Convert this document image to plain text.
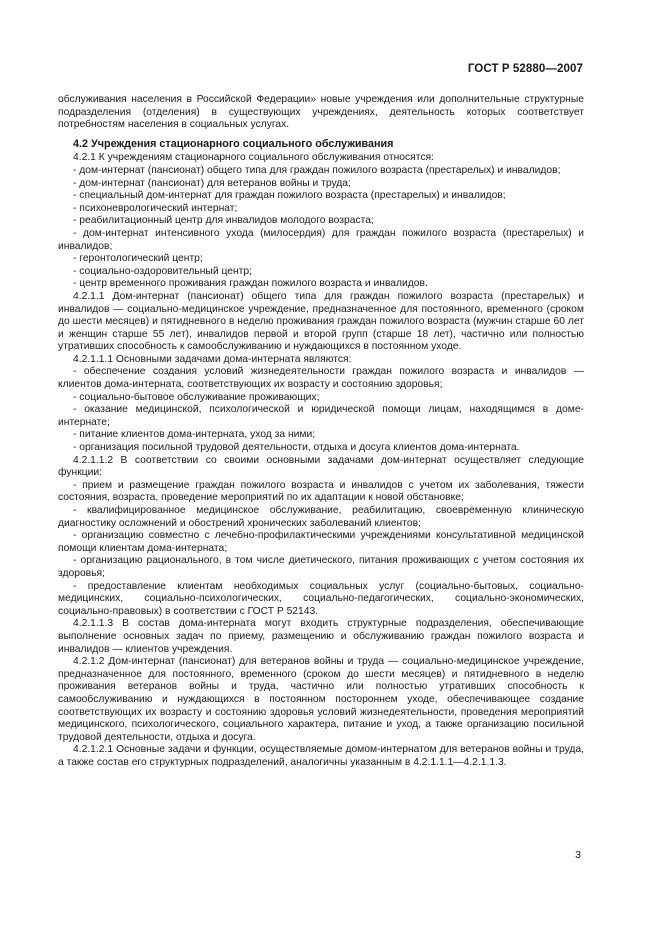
ГОСТ Р 52880—2007

обслуживания населения в Российской Федерации» новые учреждения или дополнительные структурные подразделения (отделения) в существующих учреждениях, деятельность которых соответствует потребностям населения в социальных услугах.

4.2 Учреждения стационарного социального обслуживания

4.2.1 К учреждениям стационарного социального обслуживания относятся:

- дом-интернат (пансионат) общего типа для граждан пожилого возраста (престарелых) и инвалидов;

- дом-интернат (пансионат) для ветеранов войны и труда;

- специальный дом-интернат для граждан пожилого возраста (престарелых) и инвалидов;

- психоневрологический интернат;

- реабилитационный центр для инвалидов молодого возраста;

- дом-интернат интенсивного ухода (милосердия) для граждан пожилого возраста (престарелых) и инвалидов;

- геронтологический центр;

- социально-оздоровительный центр;

- центр временного проживания граждан пожилого возраста и инвалидов.

4.2.1.1 Дом-интернат (пансионат) общего типа для граждан пожилого возраста (престарелых) и инвалидов — социально-медицинское учреждение, предназначенное для постоянного, временного (сроком до шести месяцев) и пятидневного в неделю проживания граждан пожилого возраста (мужчин старше 60 лет и женщин старше 55 лет), инвалидов первой и второй групп (старше 18 лет), частично или полностью утративших способность к самообслуживанию и нуждающихся в постоянном уходе.

4.2.1.1.1 Основными задачами дома-интерната являются:

- обеспечение создания условий жизнедеятельности граждан пожилого возраста и инвалидов — клиентов дома-интерната, соответствующих их возрасту и состоянию здоровья;

- социально-бытовое обслуживание проживающих;

- оказание медицинской, психологической и юридической помощи лицам, находящимся в доме-интернате;

- питание клиентов дома-интерната, уход за ними;

- организация посильной трудовой деятельности, отдыха и досуга клиентов дома-интерната.

4.2.1.1.2 В соответствии со своими основными задачами дом-интернат осуществляет следующие функции:

- прием и размещение граждан пожилого возраста и инвалидов с учетом их заболевания, тяжести состояния, возраста, проведение мероприятий по их адаптации к новой обстановке;

- квалифицированное медицинское обслуживание, реабилитацию, своевременную клиническую диагностику осложнений и обострений хронических заболеваний клиентов;

- организацию совместно с лечебно-профилактическими учреждениями консультативной медицинской помощи клиентам дома-интерната;

- организацию рационального, в том числе диетического, питания проживающих с учетом состояния их здоровья;

- предоставление клиентам необходимых социальных услуг (социально-бытовых, социально-медицинских, социально-психологических, социально-педагогических, социально-экономических, социально-правовых) в соответствии с ГОСТ Р 52143.

4.2.1.1.3 В состав дома-интерната могут входить структурные подразделения, обеспечивающие выполнение основных задач по приему, размещению и обслуживанию граждан пожилого возраста и инвалидов — клиентов учреждения.

4.2.1.2 Дом-интернат (пансионат) для ветеранов войны и труда — социально-медицинское учреждение, предназначенное для постоянного, временного (сроком до шести месяцев) и пятидневного в неделю проживания ветеранов войны и труда, частично или полностью утративших способность к самообслуживанию и нуждающихся в постоянном постороннем уходе, обеспечивающее создание соответствующих их возрасту и состоянию здоровья условий жизнедеятельности, проведения мероприятий медицинского, психологического, социального характера, питание и уход, а также организацию посильной трудовой деятельности, отдыха и досуга.

4.2.1.2.1 Основные задачи и функции, осуществляемые домом-интернатом для ветеранов войны и труда, а также состав его структурных подразделений, аналогичны указанным в 4.2.1.1.1—4.2.1.1.3.

3
